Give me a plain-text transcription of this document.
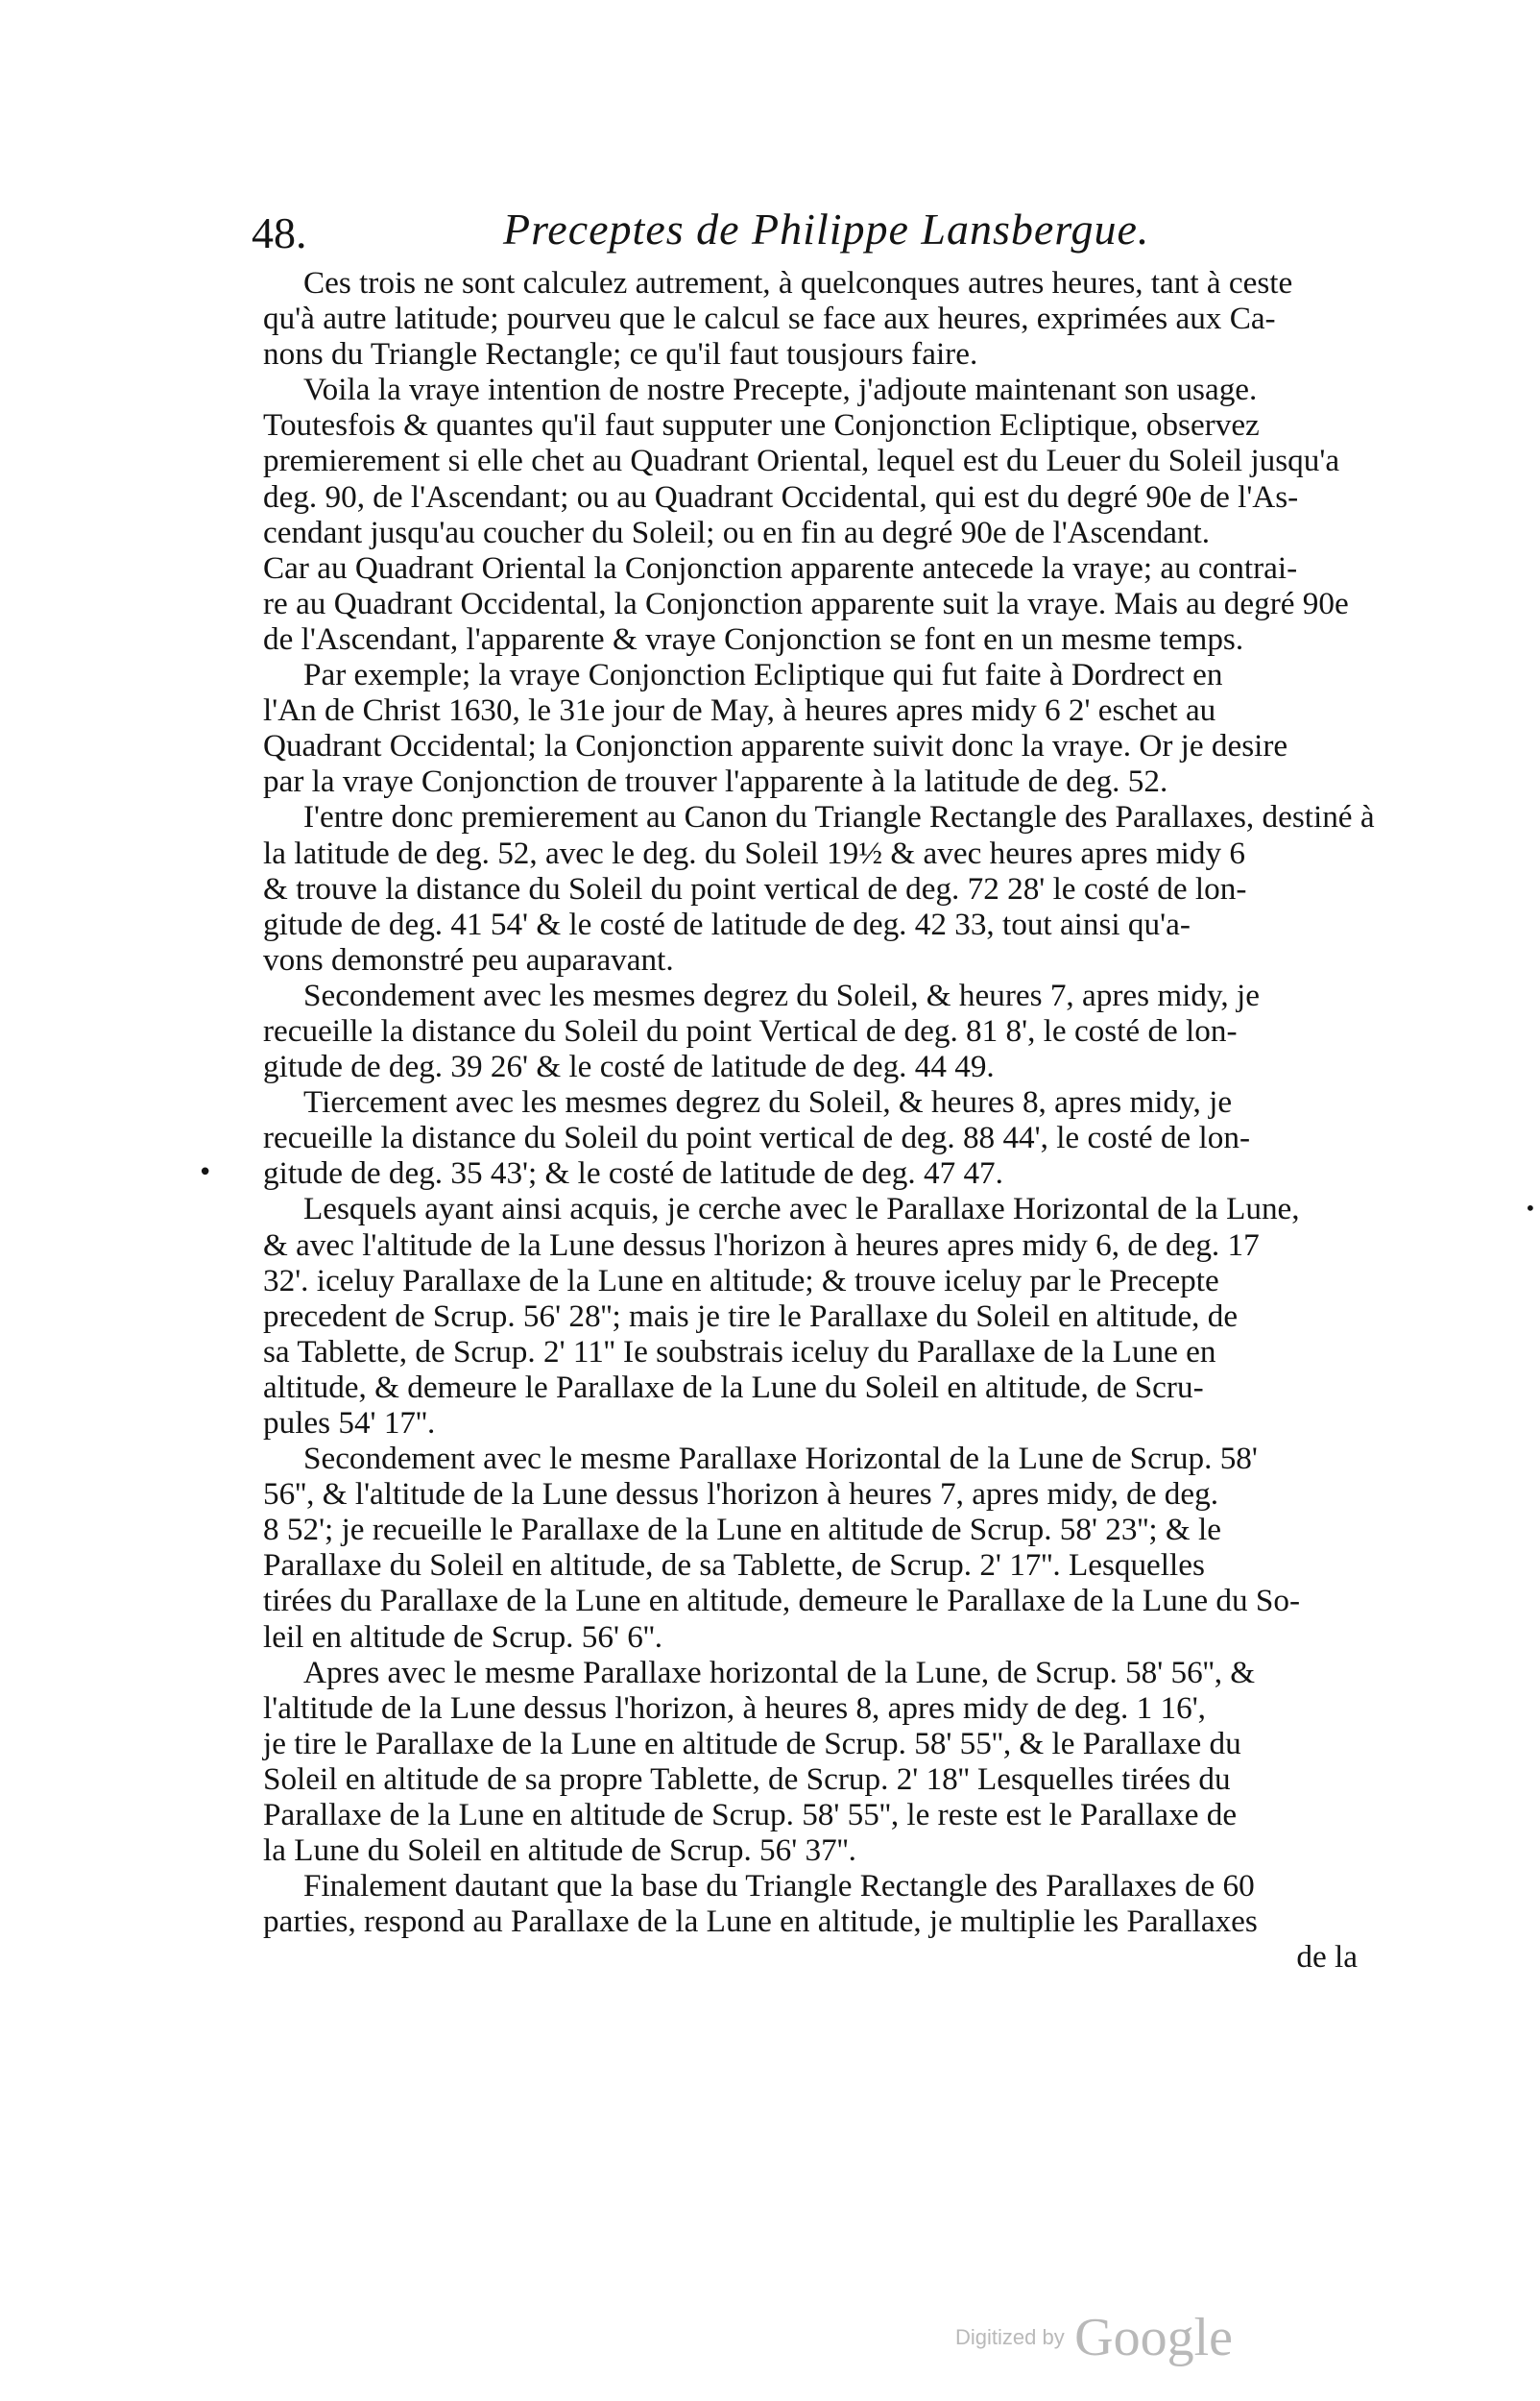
48.	Preceptes de Philippe Lansbergue.
Ces trois ne sont calculez autrement, à quelconques autres heures, tant à ceste
qu'à autre latitude; pourveu que le calcul se face aux heures, exprimées aux Ca-
nons du Triangle Rectangle; ce qu'il faut tousjours faire.
Voila la vraye intention de nostre Precepte, j'adjoute maintenant son usage.
Toutesfois & quantes qu'il faut supputer une Conjonction Ecliptique, observez
premierement si elle chet au Quadrant Oriental, lequel est du Leuer du Soleil jusqu'a
deg. 90, de l'Ascendant; ou au Quadrant Occidental, qui est du degré 90e de l'As-
cendant jusqu'au coucher du Soleil; ou en fin au degré 90e de l'Ascendant.
Car au Quadrant Oriental la Conjonction apparente antecede la vraye; au contrai-
re au Quadrant Occidental, la Conjonction apparente suit la vraye. Mais au degré 90e
de l'Ascendant, l'apparente & vraye Conjonction se font en un mesme temps.
Par exemple; la vraye Conjonction Ecliptique qui fut faite à Dordrect en
l'An de Christ 1630, le 31e jour de May, à heures apres midy 6 2' eschet au
Quadrant Occidental; la Conjonction apparente suivit donc la vraye. Or je desire
par la vraye Conjonction de trouver l'apparente à la latitude de deg. 52.
I'entre donc premierement au Canon du Triangle Rectangle des Parallaxes, destiné à
la latitude de deg. 52, avec le deg. du Soleil 19½ & avec heures apres midy 6
& trouve la distance du Soleil du point vertical de deg. 72 28' le costé de lon-
gitude de deg. 41 54' & le costé de latitude de deg. 42 33, tout ainsi qu'a-
vons demonstré peu auparavant.
Secondement avec les mesmes degrez du Soleil, & heures 7, apres midy, je
recueille la distance du Soleil du point Vertical de deg. 81 8', le costé de lon-
gitude de deg. 39 26' & le costé de latitude de deg. 44 49.
Tiercement avec les mesmes degrez du Soleil, & heures 8, apres midy, je
recueille la distance du Soleil du point vertical de deg. 88 44', le costé de lon-
gitude de deg. 35 43'; & le costé de latitude de deg. 47 47.
Lesquels ayant ainsi acquis, je cerche avec le Parallaxe Horizontal de la Lune,
& avec l'altitude de la Lune dessus l'horizon à heures apres midy 6, de deg. 17
32'. iceluy Parallaxe de la Lune en altitude; & trouve iceluy par le Precepte
precedent de Scrup. 56' 28''; mais je tire le Parallaxe du Soleil en altitude, de
sa Tablette, de Scrup. 2' 11'' Ie soubstrais iceluy du Parallaxe de la Lune en
altitude, & demeure le Parallaxe de la Lune du Soleil en altitude, de Scru-
pules 54' 17''.
Secondement avec le mesme Parallaxe Horizontal de la Lune de Scrup. 58'
56'', & l'altitude de la Lune dessus l'horizon à heures 7, apres midy, de deg.
8 52'; je recueille le Parallaxe de la Lune en altitude de Scrup. 58' 23''; & le
Parallaxe du Soleil en altitude, de sa Tablette, de Scrup. 2' 17''. Lesquelles
tirées du Parallaxe de la Lune en altitude, demeure le Parallaxe de la Lune du So-
leil en altitude de Scrup. 56' 6''.
Apres avec le mesme Parallaxe horizontal de la Lune, de Scrup. 58' 56'', &
l'altitude de la Lune dessus l'horizon, à heures 8, apres midy de deg. 1 16',
je tire le Parallaxe de la Lune en altitude de Scrup. 58' 55'', & le Parallaxe du
Soleil en altitude de sa propre Tablette, de Scrup. 2' 18'' Lesquelles tirées du
Parallaxe de la Lune en altitude de Scrup. 58' 55'', le reste est le Parallaxe de
la Lune du Soleil en altitude de Scrup. 56' 37''.
Finalement dautant que la base du Triangle Rectangle des Parallaxes de 60
parties, respond au Parallaxe de la Lune en altitude, je multiplie les Parallaxes
de la
•
•
Digitized by Google
